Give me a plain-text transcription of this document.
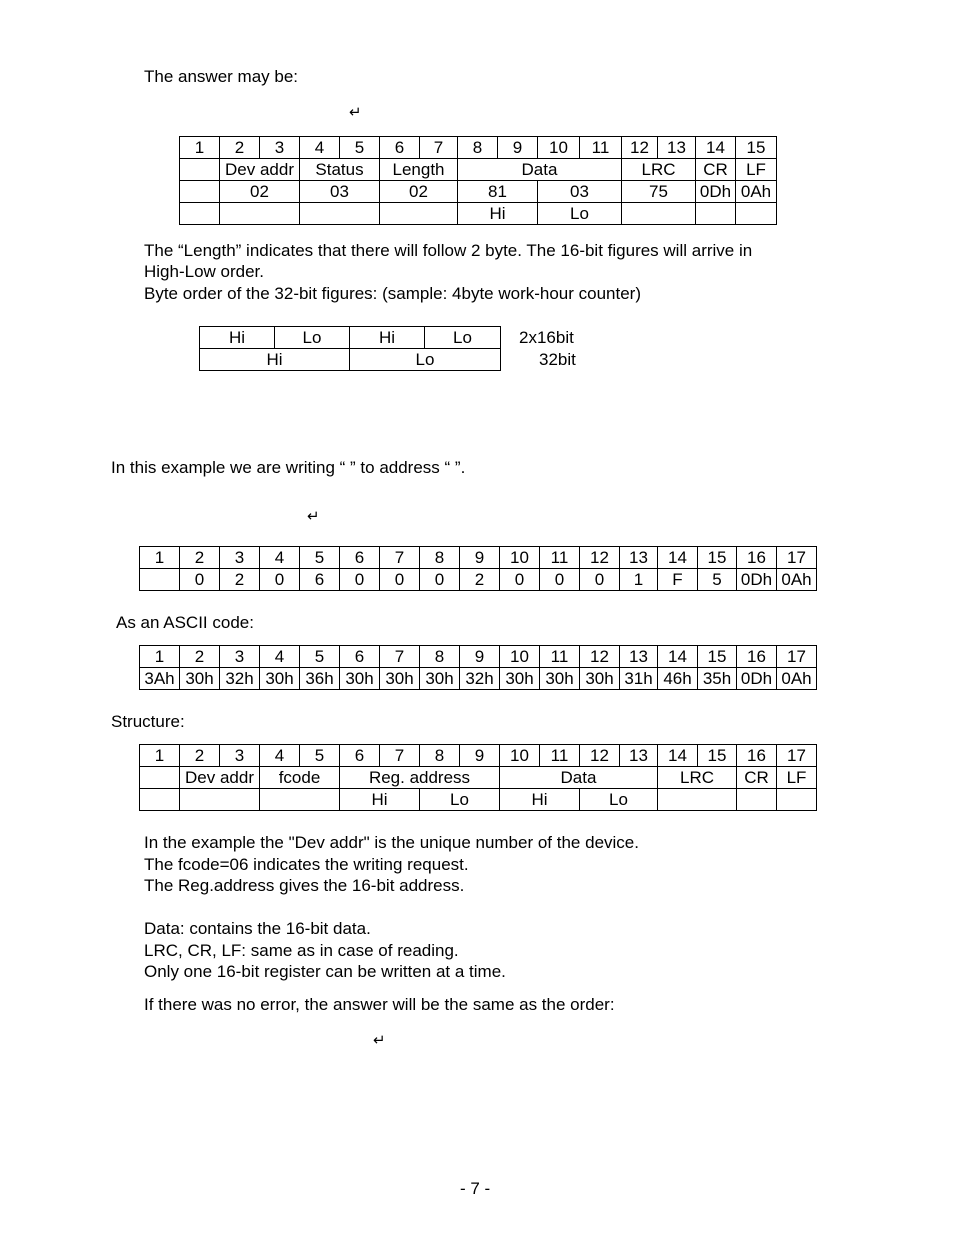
The answer may be:
↵
1	2	3	4	5	6	7	8	9	10	11	12	13	14	15
	Dev addr		Status		Length		Data				LRC		CR	LF
	02		03		02		81		03		75		0Dh	0Ah
							Hi		Lo					
The “Length” indicates that there will follow 2 byte. The 16-bit figures will arrive in
High-Low order.
Byte order of the 32-bit figures: (sample: 4byte work-hour counter)
Hi	Lo	Hi	Lo
Hi		Lo	
2x16bit
32bit
In this example we are writing “ ” to address “ ”.
↵
1	2	3	4	5	6	7	8	9	10	11	12	13	14	15	16	17
	0	2	0	6	0	0	0	2	0	0	0	1	F	5	0Dh	0Ah
As an ASCII code:
1	2	3	4	5	6	7	8	9	10	11	12	13	14	15	16	17
3Ah	30h	32h	30h	36h	30h	30h	30h	32h	30h	30h	30h	31h	46h	35h	0Dh	0Ah
Structure:
1	2	3	4	5	6	7	8	9	10	11	12	13	14	15	16	17
	Dev addr		fcode		Reg. address				Data				LRC		CR	LF
					Hi		Lo		Hi		Lo					
In the example the "Dev addr" is the unique number of the device.
The fcode=06 indicates the writing request.
The Reg.address gives the 16-bit address.
Data: contains the 16-bit data.
LRC, CR, LF: same as in case of reading.
Only one 16-bit register can be written at a time.
If there was no error, the answer will be the same as the order:
↵
- 7 -
